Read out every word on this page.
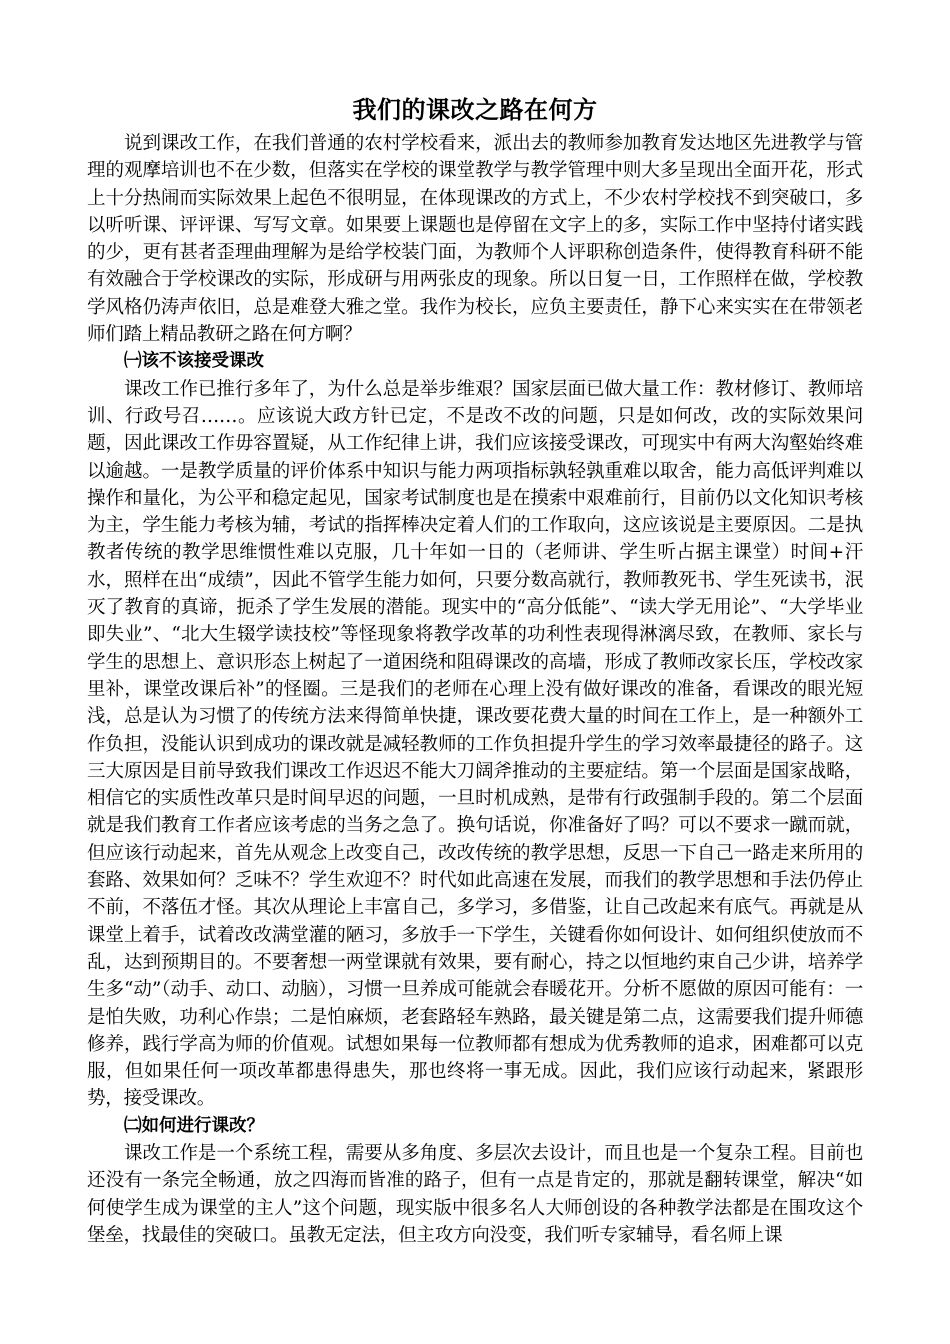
我们的课改之路在何方

说到课改工作，在我们普通的农村学校看来，派出去的教师参加教育发达地区先进教学与管理的观摩培训也不在少数，但落实在学校的课堂教学与教学管理中则大多呈现出全面开花，形式上十分热闹而实际效果上起色不很明显，在体现课改的方式上，不少农村学校找不到突破口，多以听听课、评评课、写写文章。如果要上课题也是停留在文字上的多，实际工作中坚持付诸实践的少，更有甚者歪理曲理解为是给学校装门面，为教师个人评职称创造条件，使得教育科研不能有效融合于学校课改的实际，形成研与用两张皮的现象。所以日复一日，工作照样在做，学校教学风格仍涛声依旧，总是难登大雅之堂。我作为校长，应负主要责任，静下心来实实在在带领老师们踏上精品教研之路在何方啊？

㈠该不该接受课改

课改工作已推行多年了，为什么总是举步维艰？国家层面已做大量工作：教材修订、教师培训、行政号召……。应该说大政方针已定，不是改不改的问题，只是如何改，改的实际效果问题，因此课改工作毋容置疑，从工作纪律上讲，我们应该接受课改，可现实中有两大沟壑始终难以逾越。一是教学质量的评价体系中知识与能力两项指标孰轻孰重难以取舍，能力高低评判难以操作和量化，为公平和稳定起见，国家考试制度也是在摸索中艰难前行，目前仍以文化知识考核为主，学生能力考核为辅，考试的指挥棒决定着人们的工作取向，这应该说是主要原因。二是执教者传统的教学思维惯性难以克服，几十年如一日的（老师讲、学生听占据主课堂）时间+汗水，照样在出“成绩”，因此不管学生能力如何，只要分数高就行，教师教死书、学生死读书，泯灭了教育的真谛，扼杀了学生发展的潜能。现实中的“高分低能”、“读大学无用论”、“大学毕业即失业”、“北大生辍学读技校”等怪现象将教学改革的功利性表现得淋漓尽致，在教师、家长与学生的思想上、意识形态上树起了一道困绕和阻碍课改的高墙，形成了教师改家长压，学校改家里补，课堂改课后补”的怪圈。三是我们的老师在心理上没有做好课改的准备，看课改的眼光短浅，总是认为习惯了的传统方法来得简单快捷，课改要花费大量的时间在工作上，是一种额外工作负担，没能认识到成功的课改就是减轻教师的工作负担提升学生的学习效率最捷径的路子。这三大原因是目前导致我们课改工作迟迟不能大刀阔斧推动的主要症结。第一个层面是国家战略，相信它的实质性改革只是时间早迟的问题，一旦时机成熟，是带有行政强制手段的。第二个层面就是我们教育工作者应该考虑的当务之急了。换句话说，你准备好了吗？可以不要求一蹴而就，但应该行动起来，首先从观念上改变自己，改改传统的教学思想，反思一下自己一路走来所用的套路、效果如何？乏味不？学生欢迎不？时代如此高速在发展，而我们的教学思想和手法仍停止不前，不落伍才怪。其次从理论上丰富自己，多学习，多借鉴，让自己改起来有底气。再就是从课堂上着手，试着改改满堂灌的陋习，多放手一下学生，关键看你如何设计、如何组织使放而不乱，达到预期目的。不要奢想一两堂课就有效果，要有耐心，持之以恒地约束自己少讲，培养学生多“动”（动手、动口、动脑），习惯一旦养成可能就会春暖花开。分析不愿做的原因可能有：一是怕失败，功利心作祟；二是怕麻烦，老套路轻车熟路，最关键是第二点，这需要我们提升师德修养，践行学高为师的价值观。试想如果每一位教师都有想成为优秀教师的追求，困难都可以克服，但如果任何一项改革都患得患失，那也终将一事无成。因此，我们应该行动起来，紧跟形势，接受课改。

㈡如何进行课改？

课改工作是一个系统工程，需要从多角度、多层次去设计，而且也是一个复杂工程。目前也还没有一条完全畅通，放之四海而皆准的路子，但有一点是肯定的，那就是翻转课堂，解决“如何使学生成为课堂的主人”这个问题，现实版中很多名人大师创设的各种教学法都是在围攻这个堡垒，找最佳的突破口。虽教无定法，但主攻方向没变，我们听专家辅导，看名师上课
